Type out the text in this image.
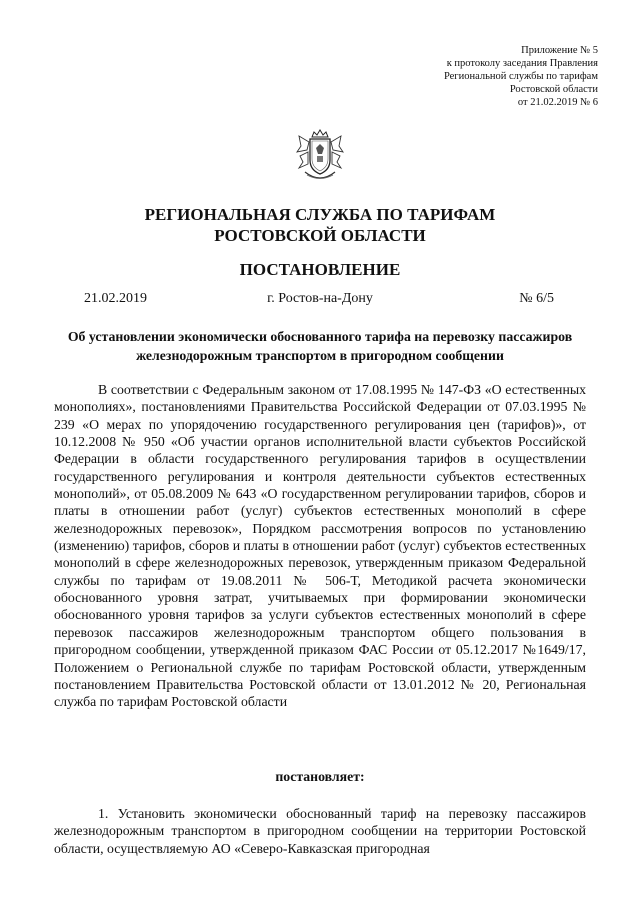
Приложение № 5
к протоколу заседания Правления
Региональной службы по тарифам
Ростовской области
от 21.02.2019 № 6
РЕГИОНАЛЬНАЯ СЛУЖБА ПО ТАРИФАМ
РОСТОВСКОЙ ОБЛАСТИ
ПОСТАНОВЛЕНИЕ
21.02.2019	г. Ростов-на-Дону	№ 6/5
Об установлении экономически обоснованного тарифа на перевозку пассажиров железнодорожным транспортом в пригородном сообщении

В соответствии с Федеральным законом от 17.08.1995 № 147-ФЗ «О естественных монополиях», постановлениями Правительства Российской Федерации от 07.03.1995 № 239 «О мерах по упорядочению государственного регулирования цен (тарифов)», от 10.12.2008 № 950 «Об участии органов исполнительной власти субъектов Российской Федерации в области государственного регулирования тарифов в осуществлении государственного регулирования и контроля деятельности субъектов естественных монополий», от 05.08.2009 № 643 «О государственном регулировании тарифов, сборов и платы в отношении работ (услуг) субъектов естественных монополий в сфере железнодорожных перевозок», Порядком рассмотрения вопросов по установлению (изменению) тарифов, сборов и платы в отношении работ (услуг) субъектов естественных монополий в сфере железнодорожных перевозок, утвержденным приказом Федеральной службы по тарифам от 19.08.2011 № 506-Т, Методикой расчета экономически обоснованного уровня затрат, учитываемых при формировании экономически обоснованного уровня тарифов за услуги субъектов естественных монополий в сфере перевозок пассажиров железнодорожным транспортом общего пользования в пригородном сообщении, утвержденной приказом ФАС России от 05.12.2017 №1649/17, Положением о Региональной службе по тарифам Ростовской области, утвержденным постановлением Правительства Ростовской области от 13.01.2012 № 20, Региональная служба по тарифам Ростовской области

постановляет:

1. Установить экономически обоснованный тариф на перевозку пассажиров железнодорожным транспортом в пригородном сообщении на территории Ростовской области, осуществляемую АО «Северо-Кавказская пригородная
